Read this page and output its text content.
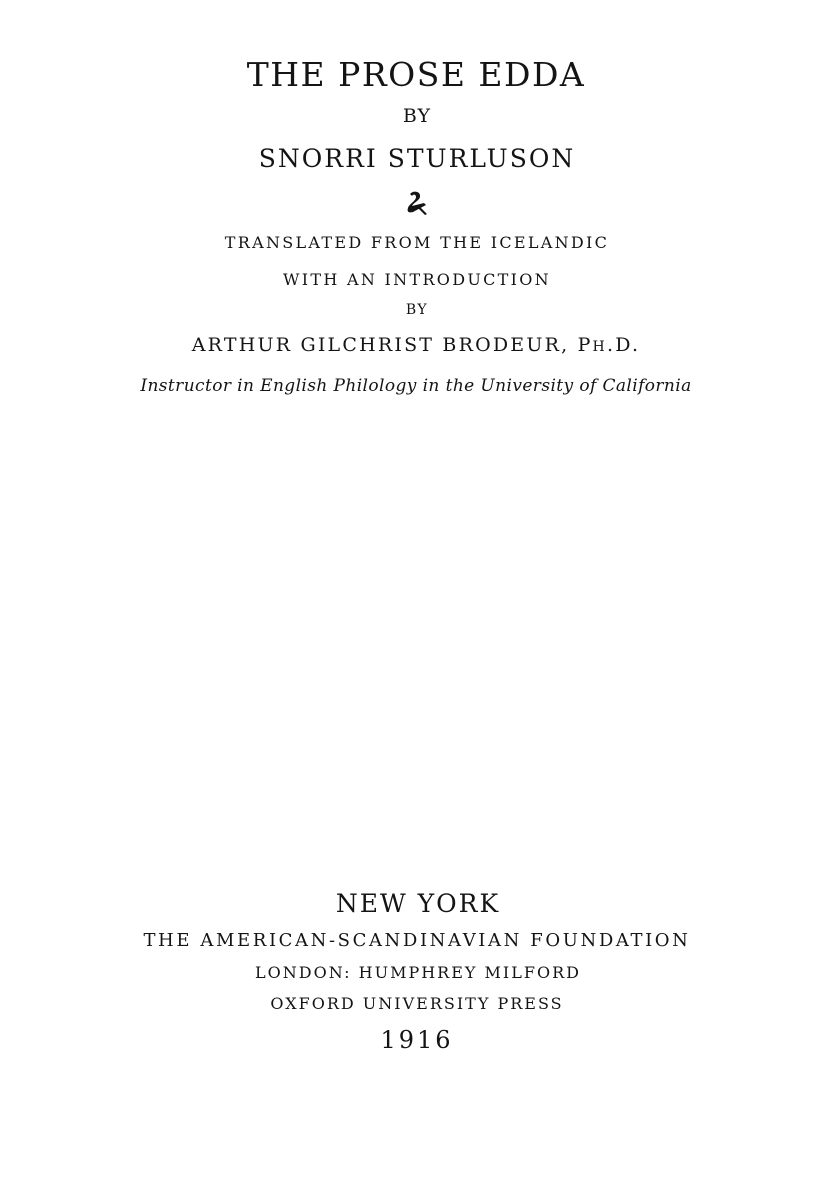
THE PROSE EDDA
BY
SNORRI STURLUSON
TRANSLATED FROM THE ICELANDIC
WITH AN INTRODUCTION
BY
ARTHUR GILCHRIST BRODEUR, PH.D.
Instructor in English Philology in the University of California
NEW YORK
THE AMERICAN-SCANDINAVIAN FOUNDATION
LONDON: HUMPHREY MILFORD
OXFORD UNIVERSITY PRESS
1916
